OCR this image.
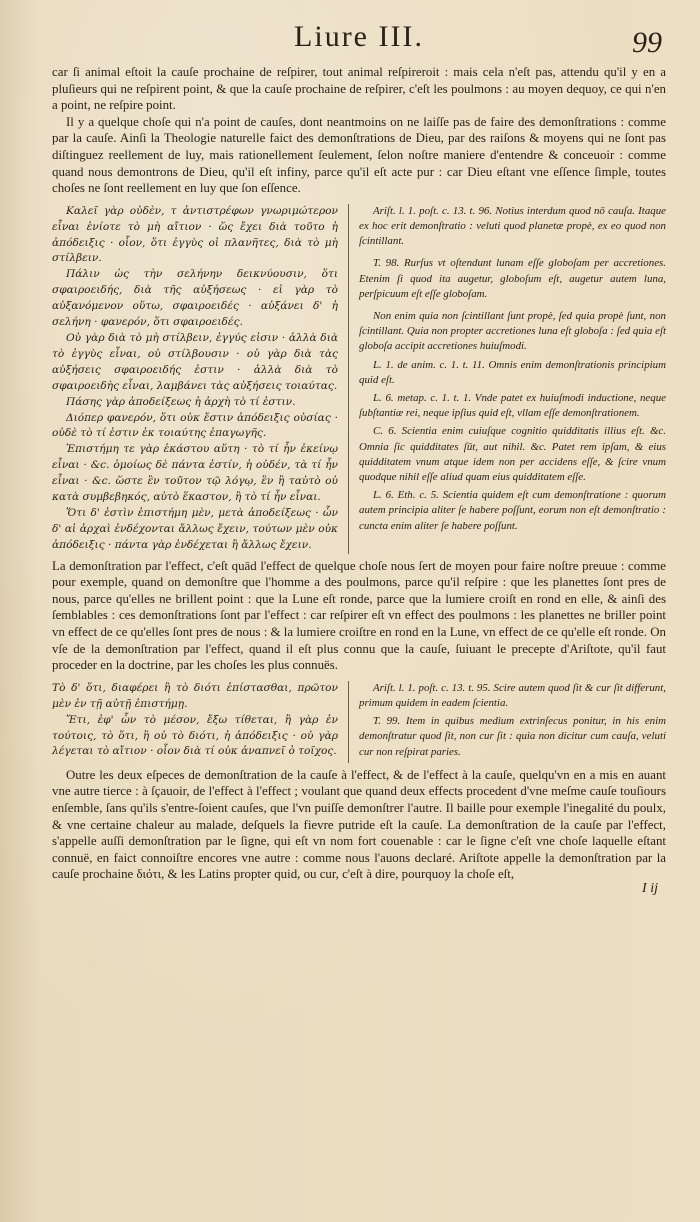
Liure III.	99

car ſi animal eſtoit la cauſe prochaine de reſpirer, tout animal reſpireroit : mais cela n'eſt pas, attendu qu'il y en a pluſieurs qui ne reſpirent point, & que la cauſe prochaine de reſpirer, c'eſt les poulmons : au moyen dequoy, ce qui n'en a point, ne reſpire point.

Il y a quelque choſe qui n'a point de cauſes, dont neantmoins on ne laiſſe pas de faire des demonſtrations : comme par la cauſe. Ainſi la Theologie naturelle faict des demonſtrations de Dieu, par des raiſons & moyens qui ne ſont pas diſtinguez reellement de luy, mais rationellement ſeulement, ſelon noſtre maniere d'entendre & conceuoir : comme quand nous demontrons de Dieu, qu'il eſt infiny, parce qu'il eſt acte pur : car Dieu eſtant vne eſſence ſimple, toutes choſes ne ſont reellement en luy que ſon eſſence.

Καλεῖ γὰρ οὐδὲν, τ ἀντιστρέφων γνωριμώτερον εἶναι ἐνίοτε τὸ μὴ αἴτιον · ὥς ἔχει διὰ τοῦτο ἡ ἀπόδειξις · οἷον, ὅτι ἐγγὺς οἱ πλανῆτες, διὰ τὸ μὴ στίλβειν.

Πάλιν ὡς τὴν σελήνην δεικνύουσιν, ὅτι σφαιροειδής, διὰ τῆς αὐξήσεως · εἰ γὰρ τὸ αὐξανόμενον οὕτω, σφαιροειδές · αὐξάνει δ' ἡ σελήνη · φανερόν, ὅτι σφαιροειδές.

Οὐ γὰρ διὰ τὸ μὴ στίλβειν, ἐγγύς εἰσιν · ἀλλὰ διὰ τὸ ἐγγὺς εἶναι, οὐ στίλβουσιν · οὐ γὰρ διὰ τὰς αὐξήσεις σφαιροειδής ἐστιν · ἀλλὰ διὰ τὸ σφαιροειδὴς εἶναι, λαμβάνει τὰς αὐξήσεις τοιαύτας.

Πάσης γὰρ ἀποδείξεως ἡ ἀρχὴ τὸ τί ἐστιν.

Διόπερ φανερόν, ὅτι οὐκ ἔστιν ἀπόδειξις οὐσίας · οὐδὲ τὸ τί ἐστιν ἐκ τοιαύτης ἐπαγωγῆς.

Ἐπιστήμη τε γὰρ ἑκάστου αὕτη · τὸ τί ἦν ἐκείνῳ εἶναι · &c. ὁμοίως δὲ πάντα ἐστίν, ἡ οὐδέν, τὰ τί ἦν εἶναι · &c. ὥστε ἓν τοῦτον τῷ λόγῳ, ἓν ἢ ταὐτὸ οὐ κατὰ συμβεβηκός, αὐτὸ ἕκαστον, ἢ τὸ τί ἦν εἶναι.

Ὅτι δ' ἐστὶν ἐπιστήμη μὲν, μετὰ ἀποδείξεως · ὧν δ' αἱ ἀρχαὶ ἐνδέχονται ἄλλως ἔχειν, τούτων μὲν οὐκ ἀπόδειξις · πάντα γὰρ ἐνδέχεται ἢ ἄλλως ἔχειν.

Ariſt. l. 1. poſt. c. 13. t. 96. Notius interdum quod nō cauſa. Itaque ex hoc erit demonſtratio : veluti quod planetæ propè, ex eo quod non ſcintillant.

T. 98. Rurſus vt oſtendunt lunam eſſe globoſam per accretiones. Etenim ſi quod ita augetur, globoſum eſt, augetur autem luna, perſpicuum eſt eſſe globoſam.

Non enim quia non ſcintillant ſunt propè, ſed quia propè ſunt, non ſcintillant. Quia non propter accretiones luna eſt globoſa : ſed quia eſt globoſa accipit accretiones huiuſmodi.

L. 1. de anim. c. 1. t. 11. Omnis enim demonſtrationis principium quid eſt.

L. 6. metap. c. 1. t. 1. Vnde patet ex huiuſmodi inductione, neque ſubſtantiæ rei, neque ipſius quid eſt, vllam eſſe demonſtrationem.

C. 6. Scientia enim cuiuſque cognitio quidditatis illius eſt. &c. Omnia ſic quidditates ſūt, aut nihil. &c. Patet rem ipſam, & eius quidditatem vnum atque idem non per accidens eſſe, & ſcire vnum quodque nihil eſſe aliud quam eius quidditatem eſſe.

L. 6. Eth. c. 5. Scientia quidem eſt cum demonſtratione : quorum autem principia aliter ſe habere poſſunt, eorum non eſt demonſtratio : cuncta enim aliter ſe habere poſſunt.

La demonſtration par l'effect, c'eſt quād l'effect de quelque choſe nous ſert de moyen pour faire noſtre preuue : comme pour exemple, quand on demonſtre que l'homme a des poulmons, parce qu'il reſpire : que les planettes ſont pres de nous, parce qu'elles ne brillent point : que la Lune eſt ronde, parce que la lumiere croiſt en rond en elle, & ainſi des ſemblables : ces demonſtrations ſont par l'effect : car reſpirer eſt vn effect des poulmons : les planettes ne briller point vn effect de ce qu'elles ſont pres de nous : & la lumiere croiſtre en rond en la Lune, vn effect de ce qu'elle eſt ronde. On vſe de la demonſtration par l'effect, quand il eſt plus connu que la cauſe, ſuiuant le precepte d'Ariſtote, qu'il faut proceder en la doctrine, par les choſes les plus connuës.

Τὸ δ' ὅτι, διαφέρει ἢ τὸ διότι ἐπίστασθαι, πρῶτον μὲν ἐν τῇ αὐτῇ ἐπιστήμῃ.

Ἔτι, ἐφ' ὧν τὸ μέσον, ἔξω τίθεται, ἢ γὰρ ἐν τούτοις, τὸ ὅτι, ἢ οὐ τὸ διότι, ἡ ἀπόδειξις · οὐ γὰρ λέγεται τὸ αἴτιον · οἷον διὰ τί οὐκ ἀναπνεῖ ὁ τοῖχος.

Ariſt. l. 1. poſt. c. 13. t. 95. Scire autem quod ſit & cur ſit differunt, primum quidem in eadem ſcientia.

T. 99. Item in quibus medium extrinſecus ponitur, in his enim demonſtratur quod ſit, non cur ſit : quia non dicitur cum cauſa, veluti cur non reſpirat paries.

Outre les deux eſpeces de demonſtration de la cauſe à l'effect, & de l'effect à la cauſe, quelqu'vn en a mis en auant vne autre tierce : à ſçauoir, de l'effect à l'effect ; voulant que quand deux effects procedent d'vne meſme cauſe touſiours enſemble, ſans qu'ils s'entre-ſoient cauſes, que l'vn puiſſe demonſtrer l'autre. Il baille pour exemple l'inegalité du poulx, & vne certaine chaleur au malade, deſquels la fievre putride eſt la cauſe. La demonſtration de la cauſe par l'effect, s'appelle auſſi demonſtration par le ſigne, qui eſt vn nom fort couenable : car le ſigne c'eſt vne choſe laquelle eſtant connuë, en faict connoiſtre encores vne autre : comme nous l'auons declaré. Ariſtote appelle la demonſtration par la cauſe prochaine διότι, & les Latins propter quid, ou cur, c'eſt à dire, pourquoy la choſe eſt,

I ij
